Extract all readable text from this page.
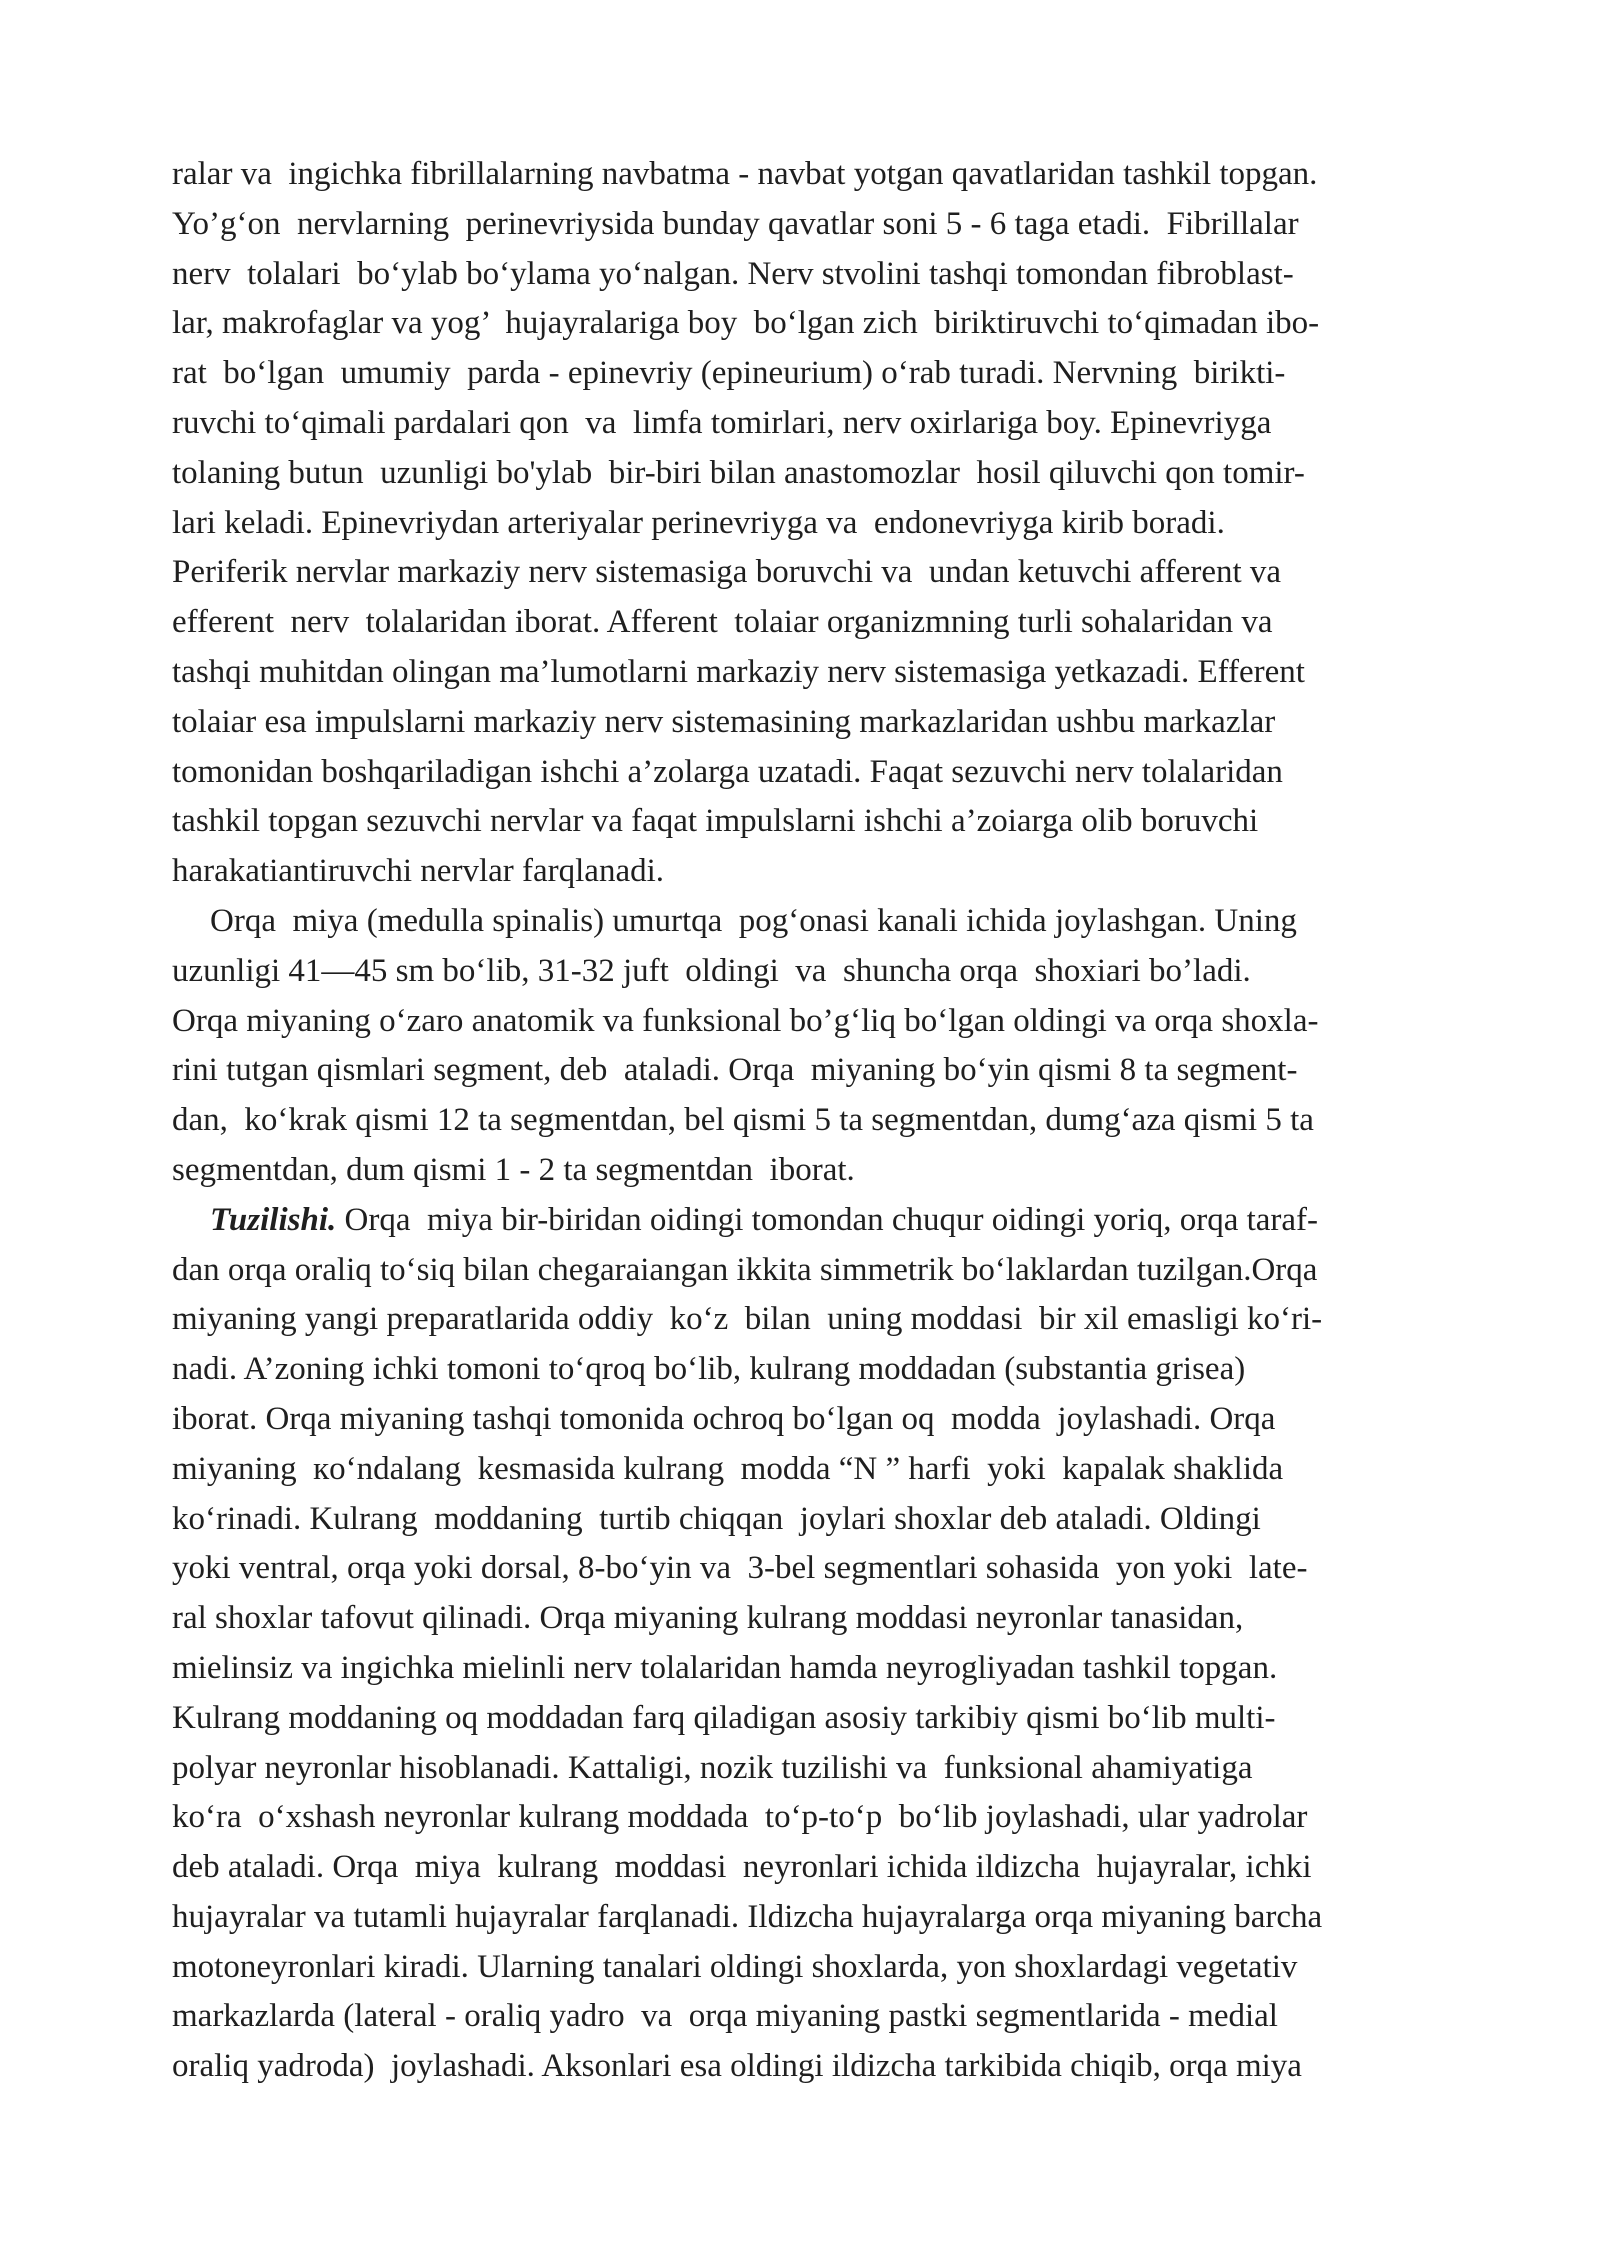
ralar va  ingichka fibrillalarning navbatma - navbat yotgan qavatlaridan tashkil topgan.
Yo’g‘on  nervlarning  perinevriysida bunday qavatlar soni 5 - 6 taga etadi.  Fibrillalar
nerv  tolalari  bo‘ylab bo‘ylama yo‘nalgan. Nerv stvolini tashqi tomondan fibroblast-
lar, makrofaglar va yog’  hujayralariga boy  bo‘lgan zich  biriktiruvchi to‘qimadan ibo-
rat  bo‘lgan  umumiy  parda - epinevriy (epineurium) o‘rab turadi. Nervning  birikti-
ruvchi to‘qimali pardalari qon  va  limfa tomirlari, nerv oxirlariga boy. Epinevriyga
tolaning butun  uzunligi bo'ylab  bir-biri bilan anastomozlar  hosil qiluvchi qon tomir-
lari keladi. Epinevriydan arteriyalar perinevriyga va  endonevriyga kirib boradi.
Periferik nervlar markaziy nerv sistemasiga boruvchi va  undan ketuvchi afferent va
efferent  nerv  tolalaridan iborat. Afferent  tolaiar organizmning turli sohalaridan va
tashqi muhitdan olingan ma’lumotlarni markaziy nerv sistemasiga yetkazadi. Efferent
tolaiar esa impulslarni markaziy nerv sistemasining markazlaridan ushbu markazlar
tomonidan boshqariladigan ishchi a’zolarga uzatadi. Faqat sezuvchi nerv tolalaridan
tashkil topgan sezuvchi nervlar va faqat impulslarni ishchi a’zoiarga olib boruvchi
harakatiantiruvchi nervlar farqlanadi.
Orqa  miya (medulla spinalis) umurtqa  pog‘onasi kanali ichida joylashgan. Uning
uzunligi 41—45 sm bo‘lib, 31-32 juft  oldingi  va  shuncha orqa  shoxiari bo’ladi.
Orqa miyaning o‘zaro anatomik va funksional bo’g‘liq bo‘lgan oldingi va orqa shoxla-
rini tutgan qismlari segment, deb  ataladi. Orqa  miyaning bo‘yin qismi 8 ta segment-
dan,  ko‘krak qismi 12 ta segmentdan, bel qismi 5 ta segmentdan, dumg‘aza qismi 5 ta
segmentdan, dum qismi 1 - 2 ta segmentdan  iborat.
Tuzilishi. Orqa  miya bir-biridan oidingi tomondan chuqur oidingi yoriq, orqa taraf-
dan orqa oraliq to‘siq bilan chegaraiangan ikkita simmetrik bo‘laklardan tuzilgan.Orqa
miyaning yangi preparatlarida oddiy  ko‘z  bilan  uning moddasi  bir xil emasligi ko‘ri-
nadi. A’zoning ichki tomoni to‘qroq bo‘lib, kulrang moddadan (substantia grisea)
iborat. Orqa miyaning tashqi tomonida ochroq bo‘lgan oq  modda  joylashadi. Orqa
miyaning  кo‘ndalang  kesmasida kulrang  modda “N ” harfi  yoki  kapalak shaklida
ko‘rinadi. Kulrang  moddaning  turtib chiqqan  joylari shoxlar deb ataladi. Oldingi
yoki ventral, orqa yoki dorsal, 8-bo‘yin va  3-bel segmentlari sohasida  yon yoki  late-
ral shoxlar tafovut qilinadi. Orqa miyaning kulrang moddasi neyronlar tanasidan,
mielinsiz va ingichka mielinli nerv tolalaridan hamda neyrogliyadan tashkil topgan.
Kulrang moddaning oq moddadan farq qiladigan asosiy tarkibiy qismi bo‘lib multi-
polyar neyronlar hisoblanadi. Kattaligi, nozik tuzilishi va  funksional ahamiyatiga
ko‘ra  o‘xshash neyronlar kulrang moddada  to‘p-to‘p  bo‘lib joylashadi, ular yadrolar
deb ataladi. Orqa  miya  kulrang  moddasi  neyronlari ichida ildizcha  hujayralar, ichki
hujayralar va tutamli hujayralar farqlanadi. Ildizcha hujayralarga orqa miyaning barcha
motoneyronlari kiradi. Ularning tanalari oldingi shoxlarda, yon shoxlardagi vegetativ
markazlarda (lateral - oraliq yadro  va  orqa miyaning pastki segmentlarida - medial
oraliq yadroda)  joylashadi. Aksonlari esa oldingi ildizcha tarkibida chiqib, orqa miya
